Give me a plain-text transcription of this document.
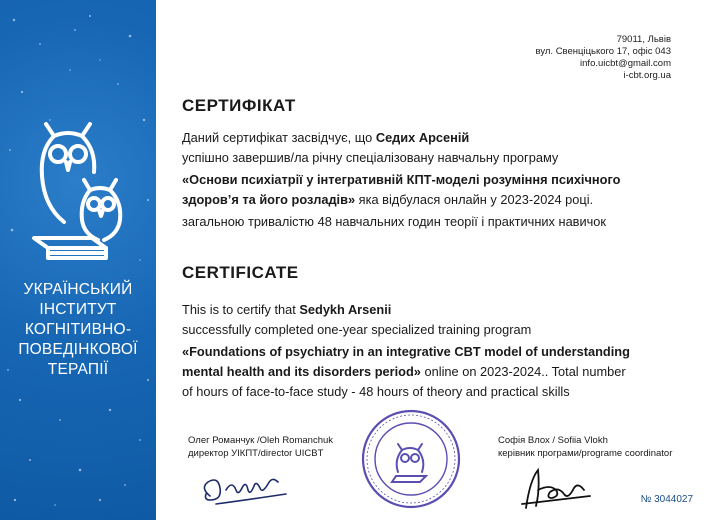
УКРАЇНСЬКИЙ
ІНСТИТУТ
КОГНІТИВНО-
ПОВЕДІНКОВОЇ
ТЕРАПІЇ
79011, Львів
вул. Свенціцького 17, офіс 043
info.uicbt@gmail.com
i-cbt.org.ua
СЕРТИФІКАТ
Даний сертифікат засвідчує, що Седих Арсеній
успішно завершив/ла річну спеціалізовану навчальну програму
«Основи психіатрії у інтегративній КПТ-моделі розуміння психічного
здоров’я та його розладів» яка відбулася онлайн у 2023-2024 році.
загальною тривалістю 48 навчальних годин теорії і практичних навичок
CERTIFICATE
This is to certify that Sedykh Arsenii
successfully completed one-year specialized training program
«Foundations of psychiatry in an integrative CBT model of understanding
mental health and its disorders period» online on 2023-2024.. Total number
of hours of face-to-face study - 48 hours of theory and practical skills
Олег Романчук /Oleh Romanchuk
директор УІКПТ/director UICBT
Софія Влох / Sofiia Vlokh
керівник програми/programe coordinator
№ 3044027
